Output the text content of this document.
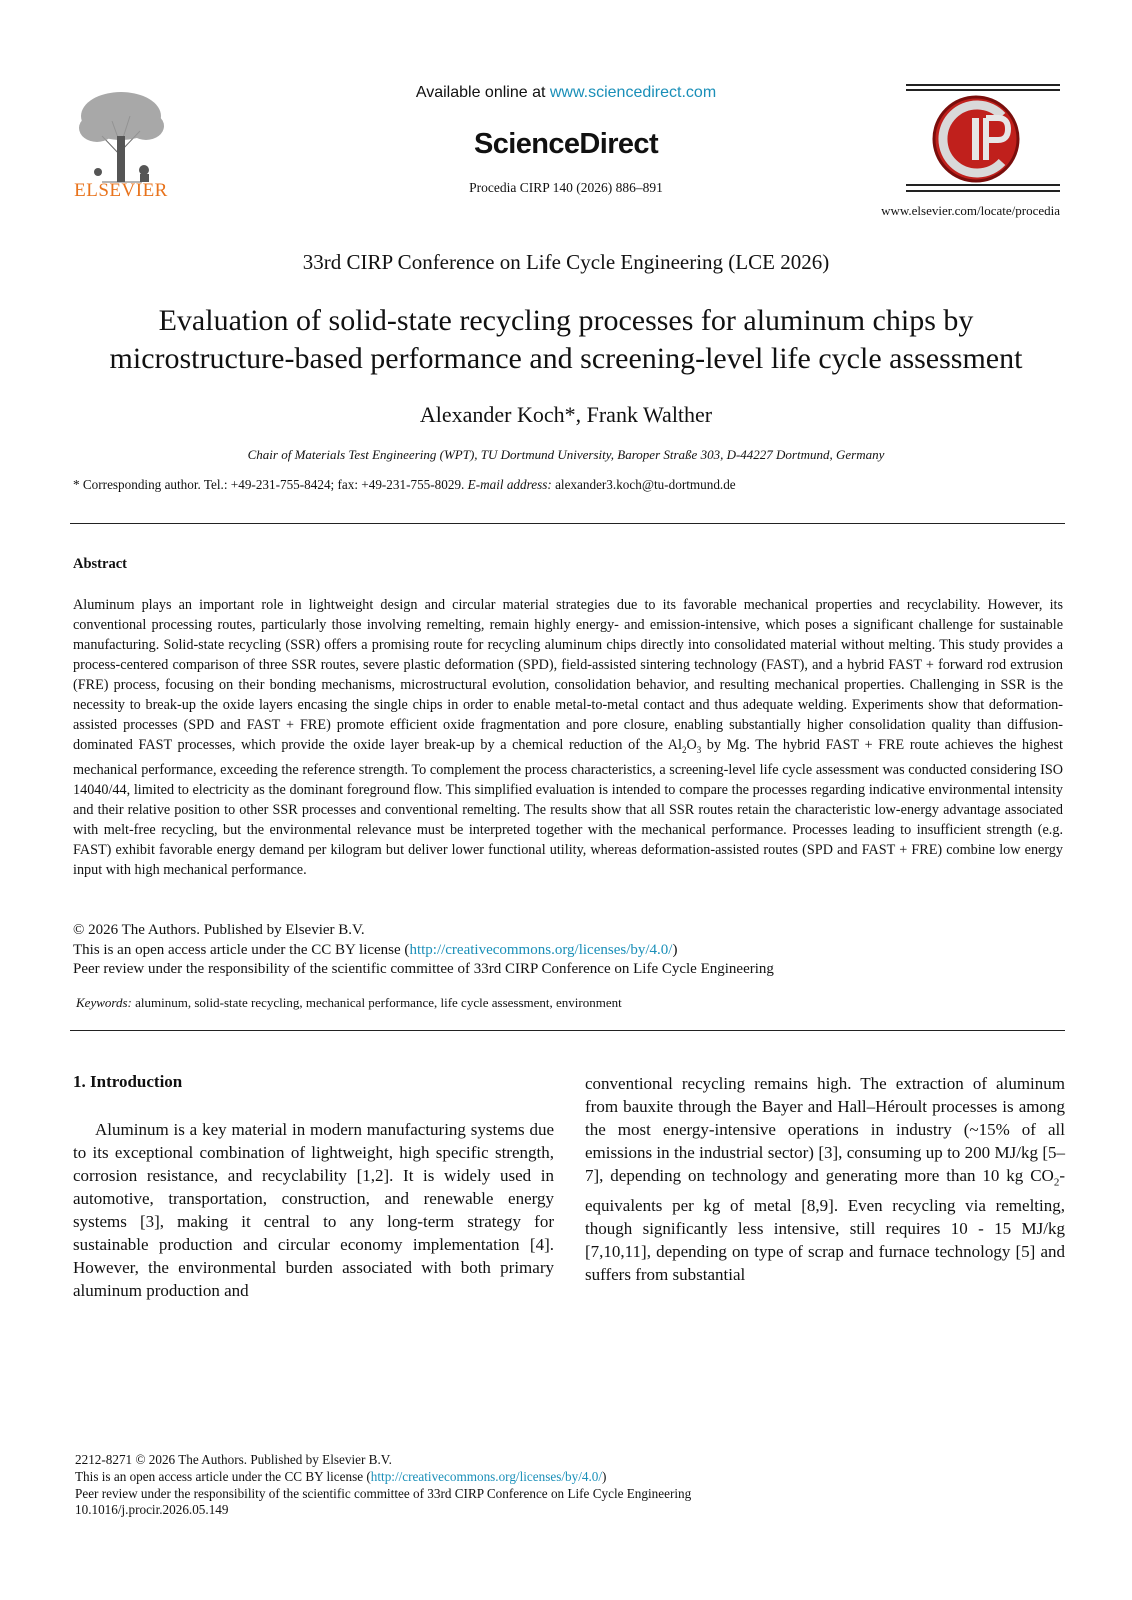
ELSEVIER
Available online at www.sciencedirect.com
ScienceDirect
Procedia CIRP 140 (2026) 886–891
www.elsevier.com/locate/procedia
33rd CIRP Conference on Life Cycle Engineering (LCE 2026)
Evaluation of solid-state recycling processes for aluminum chips by
microstructure-based performance and screening-level life cycle assessment
Alexander Koch*, Frank Walther
Chair of Materials Test Engineering (WPT), TU Dortmund University, Baroper Straße 303, D-44227 Dortmund, Germany
* Corresponding author. Tel.: +49-231-755-8424; fax: +49-231-755-8029. E-mail address: alexander3.koch@tu-dortmund.de
Abstract
Aluminum plays an important role in lightweight design and circular material strategies due to its favorable mechanical properties and recyclability. However, its conventional processing routes, particularly those involving remelting, remain highly energy- and emission-intensive, which poses a significant challenge for sustainable manufacturing. Solid-state recycling (SSR) offers a promising route for recycling aluminum chips directly into consolidated material without melting. This study provides a process-centered comparison of three SSR routes, severe plastic deformation (SPD), field-assisted sintering technology (FAST), and a hybrid FAST + forward rod extrusion (FRE) process, focusing on their bonding mechanisms, microstructural evolution, consolidation behavior, and resulting mechanical properties. Challenging in SSR is the necessity to break-up the oxide layers encasing the single chips in order to enable metal-to-metal contact and thus adequate welding. Experiments show that deformation-assisted processes (SPD and FAST + FRE) promote efficient oxide fragmentation and pore closure, enabling substantially higher consolidation quality than diffusion-dominated FAST processes, which provide the oxide layer break-up by a chemical reduction of the $Al_2O_3$ by Mg. The hybrid FAST + FRE route achieves the highest mechanical performance, exceeding the reference strength. To complement the process characteristics, a screening-level life cycle assessment was conducted considering ISO 14040/44, limited to electricity as the dominant foreground flow. This simplified evaluation is intended to compare the processes regarding indicative environmental intensity and their relative position to other SSR processes and conventional remelting. The results show that all SSR routes retain the characteristic low-energy advantage associated with melt-free recycling, but the environmental relevance must be interpreted together with the mechanical performance. Processes leading to insufficient strength (e.g. FAST) exhibit favorable energy demand per kilogram but deliver lower functional utility, whereas deformation-assisted routes (SPD and FAST + FRE) combine low energy input with high mechanical performance.
© 2026 The Authors. Published by Elsevier B.V.
This is an open access article under the CC BY license (http://creativecommons.org/licenses/by/4.0/)
Peer review under the responsibility of the scientific committee of 33rd CIRP Conference on Life Cycle Engineering
Keywords: aluminum, solid-state recycling, mechanical performance, life cycle assessment, environment
1. Introduction

Aluminum is a key material in modern manufacturing systems due to its exceptional combination of lightweight, high specific strength, corrosion resistance, and recyclability [1,2]. It is widely used in automotive, transportation, construction, and renewable energy systems [3], making it central to any long-term strategy for sustainable production and circular economy implementation [4]. However, the environmental burden associated with both primary aluminum production and

conventional recycling remains high. The extraction of aluminum from bauxite through the Bayer and Hall–Héroult processes is among the most energy-intensive operations in industry (~15% of all emissions in the industrial sector) [3], consuming up to 200 MJ/kg [5–7], depending on technology and generating more than 10 kg $CO_2$-equivalents per kg of metal [8,9]. Even recycling via remelting, though significantly less intensive, still requires 10 - 15 MJ/kg [7,10,11], depending on type of scrap and furnace technology [5] and suffers from substantial

2212-8271 © 2026 The Authors. Published by Elsevier B.V.
This is an open access article under the CC BY license (http://creativecommons.org/licenses/by/4.0/)
Peer review under the responsibility of the scientific committee of 33rd CIRP Conference on Life Cycle Engineering
10.1016/j.procir.2026.05.149
